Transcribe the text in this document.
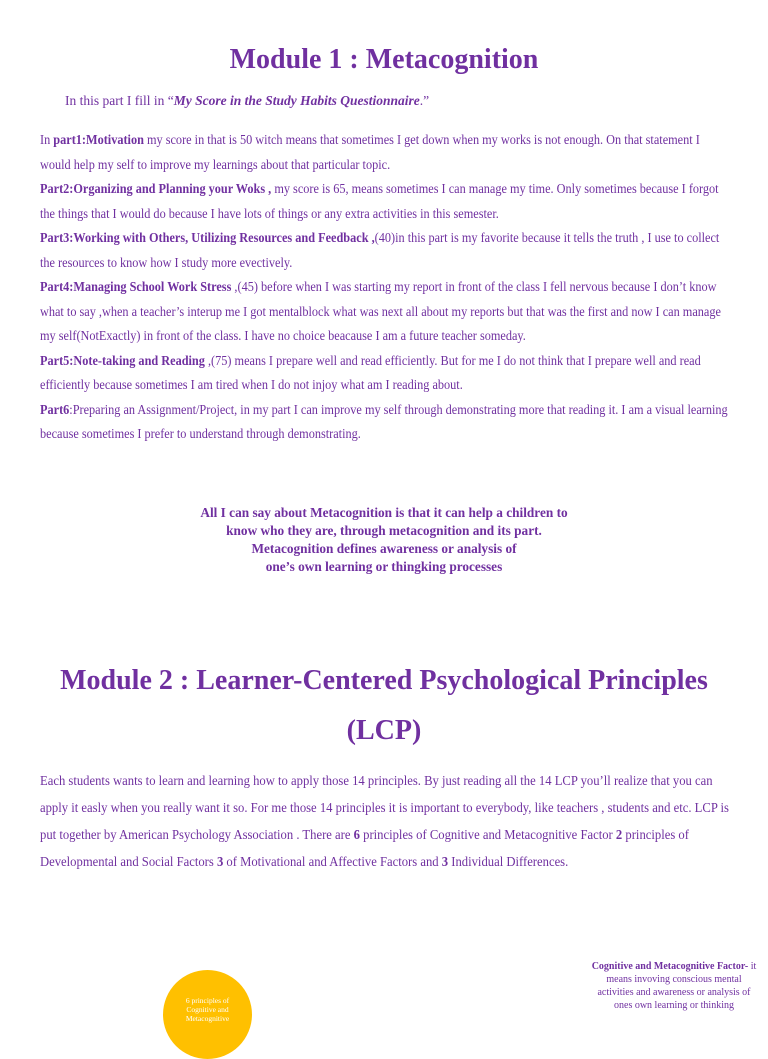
Module 1 : Metacognition
In this part I fill in “My Score in the Study Habits Questionnaire.”

In part1:Motivation my score in that is 50 witch means that sometimes I get down when my works is not enough. On that statement I would help my self to improve my learnings about that particular topic.

Part2:Organizing and Planning your Woks , my score is 65, means sometimes I can manage my time. Only sometimes because I forgot the things that I would do because I have lots of things or any extra activities in this semester.

Part3:Working with Others, Utilizing Resources and Feedback ,(40)in this part is my favorite because it tells the truth , I use to collect the resources to know how I study more evectively.

Part4:Managing School Work Stress ,(45) before when I was starting my report in front of the class I fell nervous because I don’t know what to say ,when a teacher’s interup me I got mentalblock what was next all about my reports but that was the first and now I can manage my self(NotExactly) in front of the class. I have no choice beacause I am a future teacher someday.

Part5:Note-taking and Reading ,(75) means I prepare well and read efficiently. But for me I do not think that I prepare well and read efficiently because sometimes I am tired when I do not injoy what am I reading about.

Part6:Preparing an Assignment/Project, in my part I can improve my self through demonstrating more that reading it. I am a visual learning because sometimes I prefer to understand through demonstrating.

All I can say about Metacognition is that it can help a children to
know who they are, through metacognition and its part.
Metacognition defines awareness or analysis of
one’s own learning or thingking processes
Module 2 : Learner-Centered Psychological Principles
(LCP)

Each students wants to learn and learning how to apply those 14 principles. By just reading all the 14 LCP you’ll realize that you can apply it easly when you really want it so. For me those 14 principles it is important to everybody, like teachers , students and etc. LCP is put together by American Psychology Association . There are 6 principles of Cognitive and Metacognitive Factor 2 principles of Developmental and Social Factors 3 of Motivational and Affective Factors and 3 Individual Differences.

6 principles of
Cognitive and
Metacognitive
Cognitive and Metacognitive Factor- it means invoving conscious mental activities and awareness or analysis of ones own learning or thinking
